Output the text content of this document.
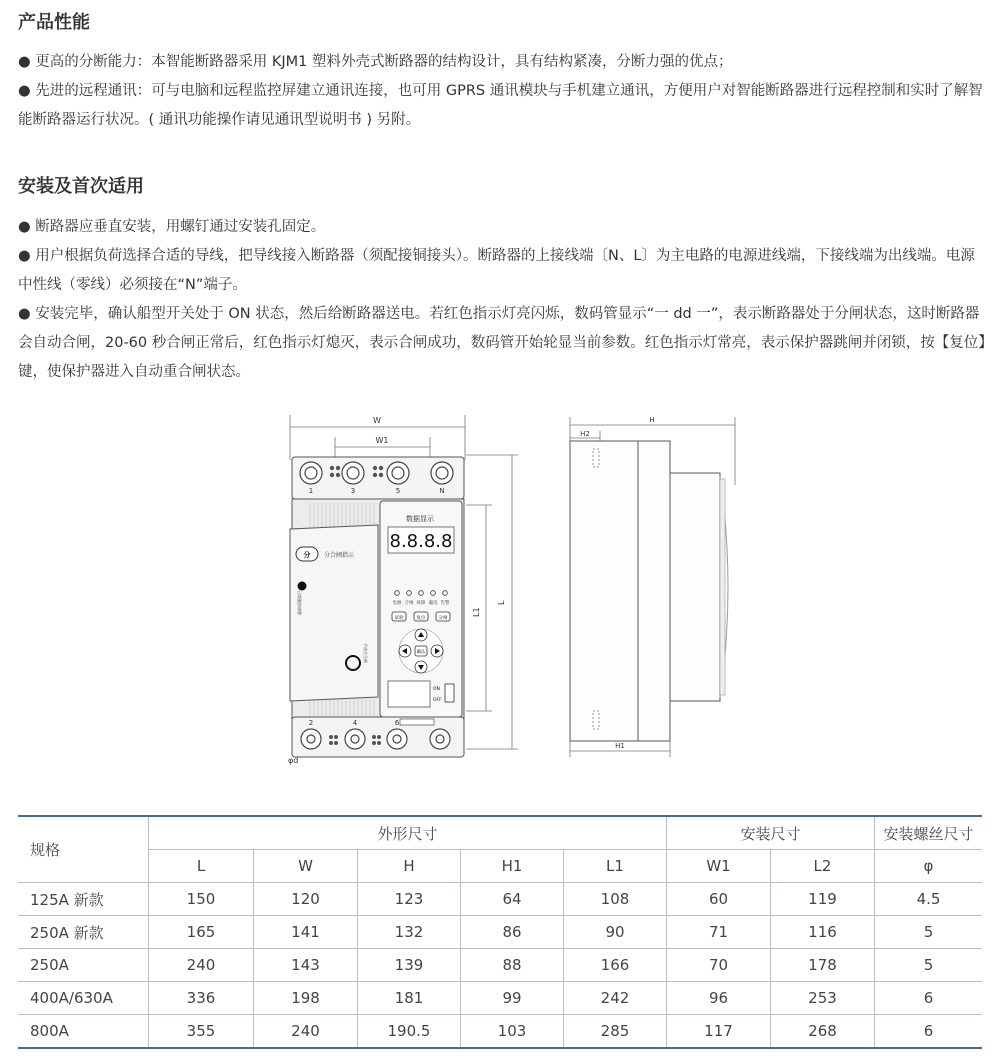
产品性能

● 更高的分断能力：本智能断路器采用 KJM1 塑料外壳式断路器的结构设计，具有结构紧凑，分断力强的优点；

● 先进的远程通讯：可与电脑和远程监控屏建立通讯连接，也可用 GPRS 通讯模块与手机建立通讯，方便用户对智能断路器进行远程控制和实时了解智能断路器运行状况。( 通讯功能操作请见通讯型说明书 ) 另附。

安装及首次适用

● 断路器应垂直安装，用螺钉通过安装孔固定。

● 用户根据负荷选择合适的导线，把导线接入断路器（须配接铜接头）。断路器的上接线端〔N、L〕为主电路的电源进线端，下接线端为出线端。电源中性线（零线）必须接在“N”端子。

● 安装完毕，确认船型开关处于 ON 状态，然后给断路器送电。若红色指示灯亮闪烁，数码管显示“一 dd 一”，表示断路器处于分闸状态，这时断路器会自动合闸，20-60 秒合闸正常后，红色指示灯熄灭，表示合闸成功，数码管开始轮显当前参数。红色指示灯常亮，表示保护器跳闸并闭锁，按【复位】键，使保护器进入自动重合闸状态。

W
W1
1	3	5	N
分 分合闸指示
过载脱扣调整
手动合分闸
数据显示
8.8.8.8
电源 合闸 故障 漏电 告警
试验	复位	分闸
确认
ON
OFF
2	4	6
φd
L
L1
H
H2
H1
规格	外形尺寸					安装尺寸		安装螺丝尺寸
	L	W	H	H1	L1	W1	L2	φ
125A 新款	150	120	123	64	108	60	119	4.5
250A 新款	165	141	132	86	90	71	116	5
250A	240	143	139	88	166	70	178	5
400A/630A	336	198	181	99	242	96	253	6
800A	355	240	190.5	103	285	117	268	6
